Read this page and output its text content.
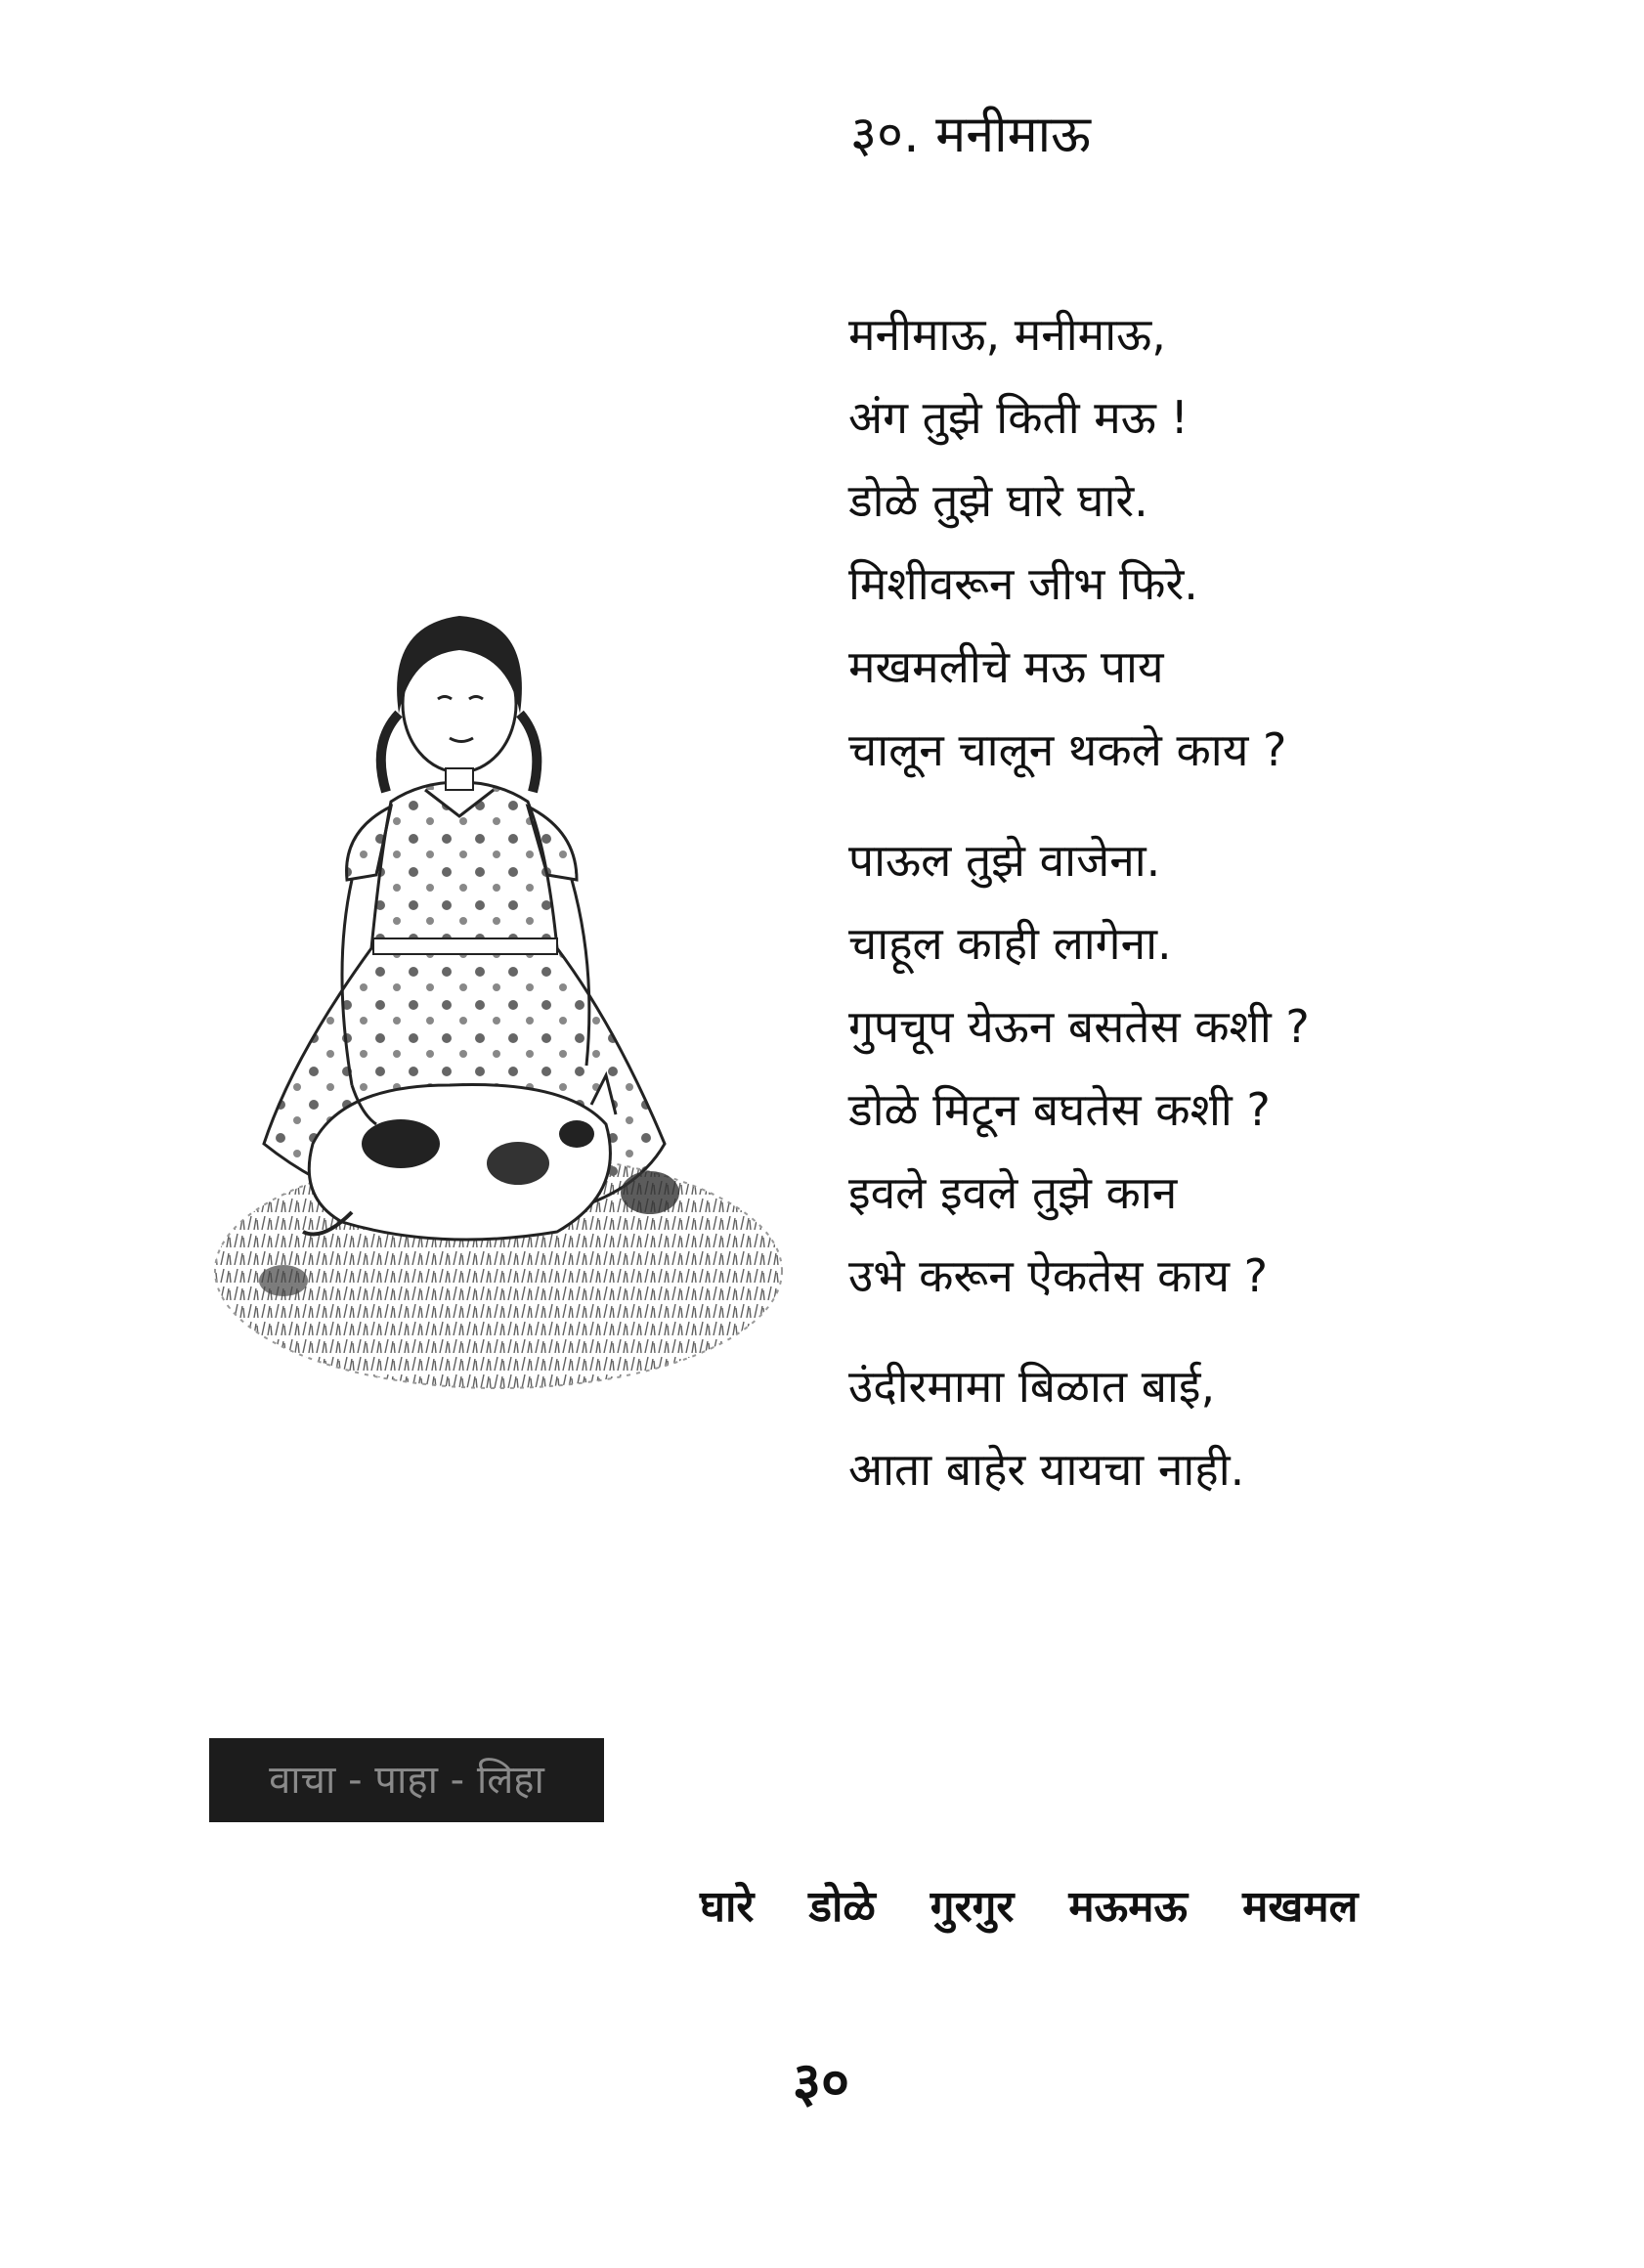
३०. मनीमाऊ
मनीमाऊ, मनीमाऊ,
अंग तुझे किती मऊ !
डोळे तुझे घारे घारे.
मिशीवरून जीभ फिरे.
मखमलीचे मऊ पाय
चालून चालून थकले काय ?
पाऊल तुझे वाजेना.
चाहूल काही लागेना.
गुपचूप येऊन बसतेस कशी ?
डोळे मिटून बघतेस कशी ?
इवले इवले तुझे कान
उभे करून ऐकतेस काय ?
उंदीरमामा बिळात बाई,
आता बाहेर यायचा नाही.
वाचा - पाहा - लिहा
घारे डोळे गुरगुर मऊमऊ मखमल
३०
